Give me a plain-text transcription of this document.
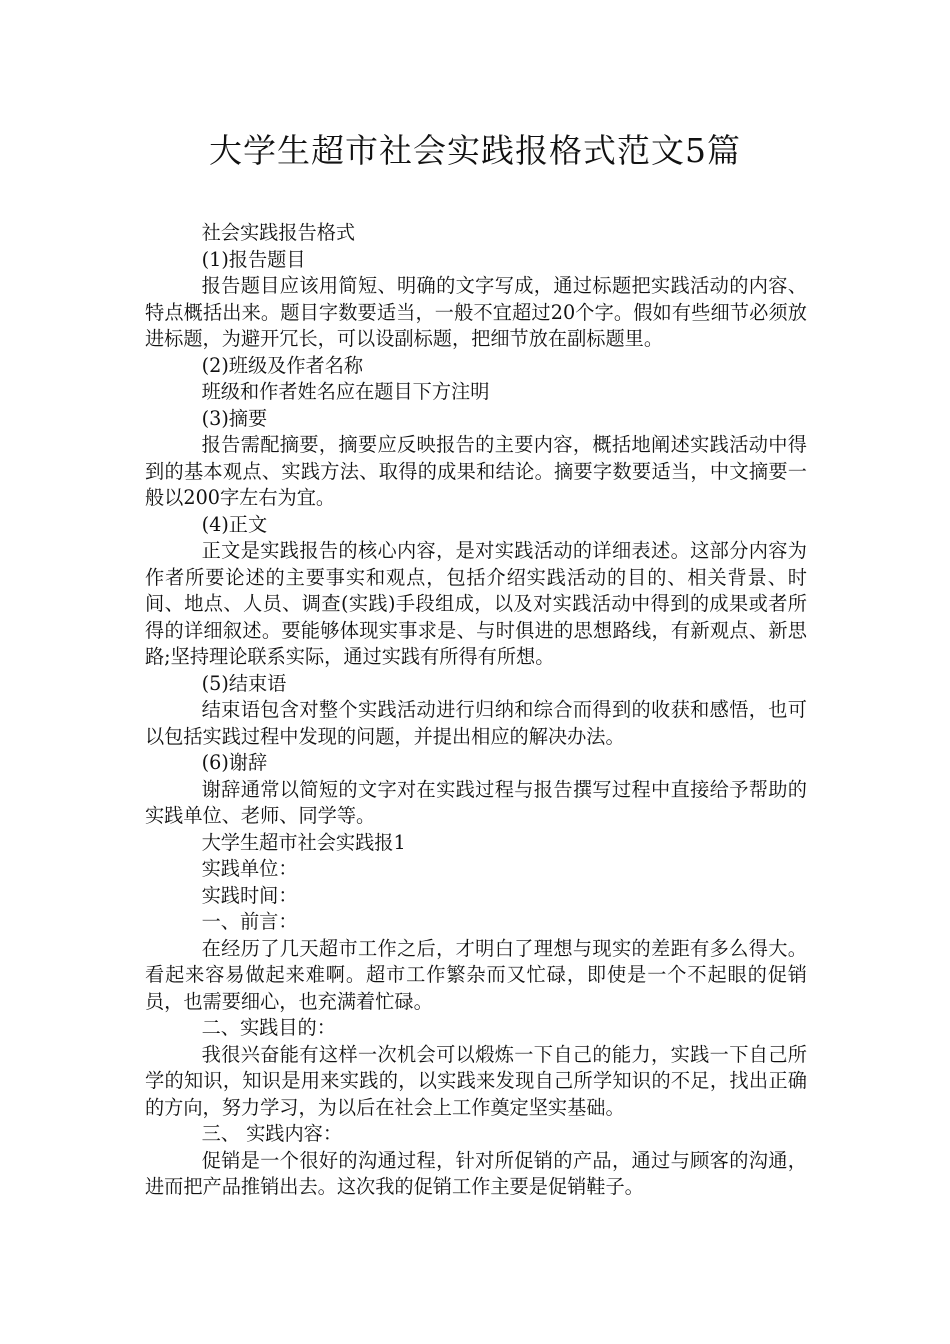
大学生超市社会实践报格式范文5篇

社会实践报告格式

(1)报告题目

报告题目应该用简短、明确的文字写成，通过标题把实践活动的内容、特点概括出来。题目字数要适当，一般不宜超过20个字。假如有些细节必须放进标题，为避开冗长，可以设副标题，把细节放在副标题里。

(2)班级及作者名称

班级和作者姓名应在题目下方注明

(3)摘要

报告需配摘要，摘要应反映报告的主要内容，概括地阐述实践活动中得到的基本观点、实践方法、取得的成果和结论。摘要字数要适当，中文摘要一般以200字左右为宜。

(4)正文

正文是实践报告的核心内容，是对实践活动的详细表述。这部分内容为作者所要论述的主要事实和观点，包括介绍实践活动的目的、相关背景、时间、地点、人员、调查(实践)手段组成，以及对实践活动中得到的成果或者所得的详细叙述。要能够体现实事求是、与时俱进的思想路线，有新观点、新思路;坚持理论联系实际，通过实践有所得有所想。

(5)结束语

结束语包含对整个实践活动进行归纳和综合而得到的收获和感悟，也可以包括实践过程中发现的问题，并提出相应的解决办法。

(6)谢辞

谢辞通常以简短的文字对在实践过程与报告撰写过程中直接给予帮助的实践单位、老师、同学等。

大学生超市社会实践报1

实践单位：

实践时间：

一、前言：

在经历了几天超市工作之后，才明白了理想与现实的差距有多么得大。看起来容易做起来难啊。超市工作繁杂而又忙碌，即使是一个不起眼的促销员，也需要细心，也充满着忙碌。

二、实践目的：

我很兴奋能有这样一次机会可以煅炼一下自己的能力，实践一下自己所学的知识，知识是用来实践的，以实践来发现自己所学知识的不足，找出正确的方向，努力学习，为以后在社会上工作奠定坚实基础。

三、 实践内容：

促销是一个很好的沟通过程，针对所促销的产品，通过与顾客的沟通，进而把产品推销出去。这次我的促销工作主要是促销鞋子。
